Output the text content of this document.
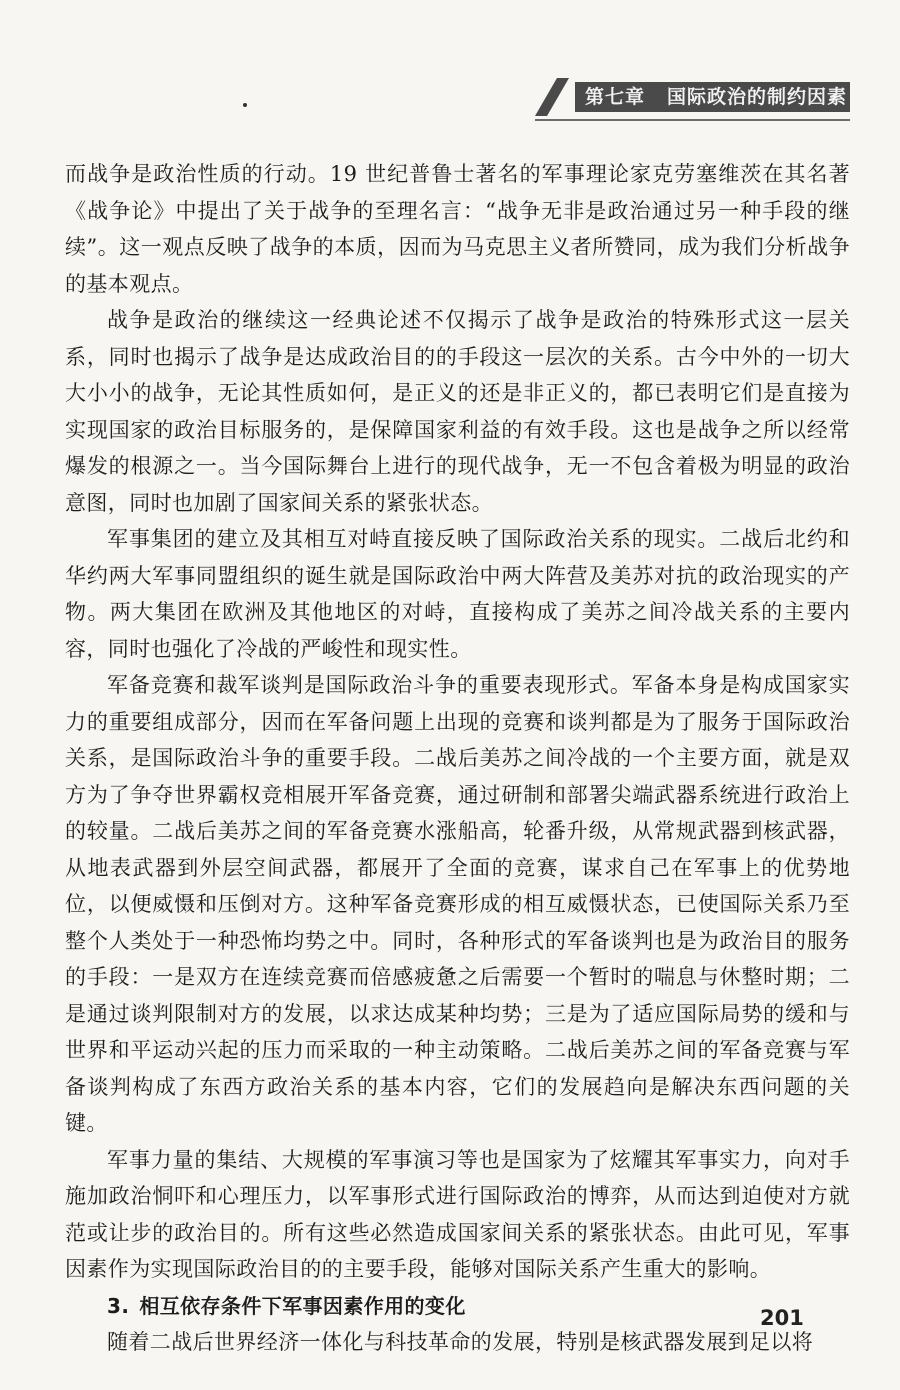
第七章 国际政治的制约因素

而战争是政治性质的行动。19 世纪普鲁士著名的军事理论家克劳塞维茨在其名著《战争论》中提出了关于战争的至理名言：“战争无非是政治通过另一种手段的继续”。这一观点反映了战争的本质，因而为马克思主义者所赞同，成为我们分析战争的基本观点。

战争是政治的继续这一经典论述不仅揭示了战争是政治的特殊形式这一层关系，同时也揭示了战争是达成政治目的的手段这一层次的关系。古今中外的一切大大小小的战争，无论其性质如何，是正义的还是非正义的，都已表明它们是直接为实现国家的政治目标服务的，是保障国家利益的有效手段。这也是战争之所以经常爆发的根源之一。当今国际舞台上进行的现代战争，无一不包含着极为明显的政治意图，同时也加剧了国家间关系的紧张状态。

军事集团的建立及其相互对峙直接反映了国际政治关系的现实。二战后北约和华约两大军事同盟组织的诞生就是国际政治中两大阵营及美苏对抗的政治现实的产物。两大集团在欧洲及其他地区的对峙，直接构成了美苏之间冷战关系的主要内容，同时也强化了冷战的严峻性和现实性。

军备竞赛和裁军谈判是国际政治斗争的重要表现形式。军备本身是构成国家实力的重要组成部分，因而在军备问题上出现的竞赛和谈判都是为了服务于国际政治关系，是国际政治斗争的重要手段。二战后美苏之间冷战的一个主要方面，就是双方为了争夺世界霸权竞相展开军备竞赛，通过研制和部署尖端武器系统进行政治上的较量。二战后美苏之间的军备竞赛水涨船高，轮番升级，从常规武器到核武器，从地表武器到外层空间武器，都展开了全面的竞赛，谋求自己在军事上的优势地位，以便威慑和压倒对方。这种军备竞赛形成的相互威慑状态，已使国际关系乃至整个人类处于一种恐怖均势之中。同时，各种形式的军备谈判也是为政治目的服务的手段：一是双方在连续竞赛而倍感疲惫之后需要一个暂时的喘息与休整时期；二是通过谈判限制对方的发展，以求达成某种均势；三是为了适应国际局势的缓和与世界和平运动兴起的压力而采取的一种主动策略。二战后美苏之间的军备竞赛与军备谈判构成了东西方政治关系的基本内容，它们的发展趋向是解决东西问题的关键。

军事力量的集结、大规模的军事演习等也是国家为了炫耀其军事实力，向对手施加政治恫吓和心理压力，以军事形式进行国际政治的博弈，从而达到迫使对方就范或让步的政治目的。所有这些必然造成国家间关系的紧张状态。由此可见，军事因素作为实现国际政治目的的主要手段，能够对国际关系产生重大的影响。

3. 相互依存条件下军事因素作用的变化

随着二战后世界经济一体化与科技革命的发展，特别是核武器发展到足以将

201
